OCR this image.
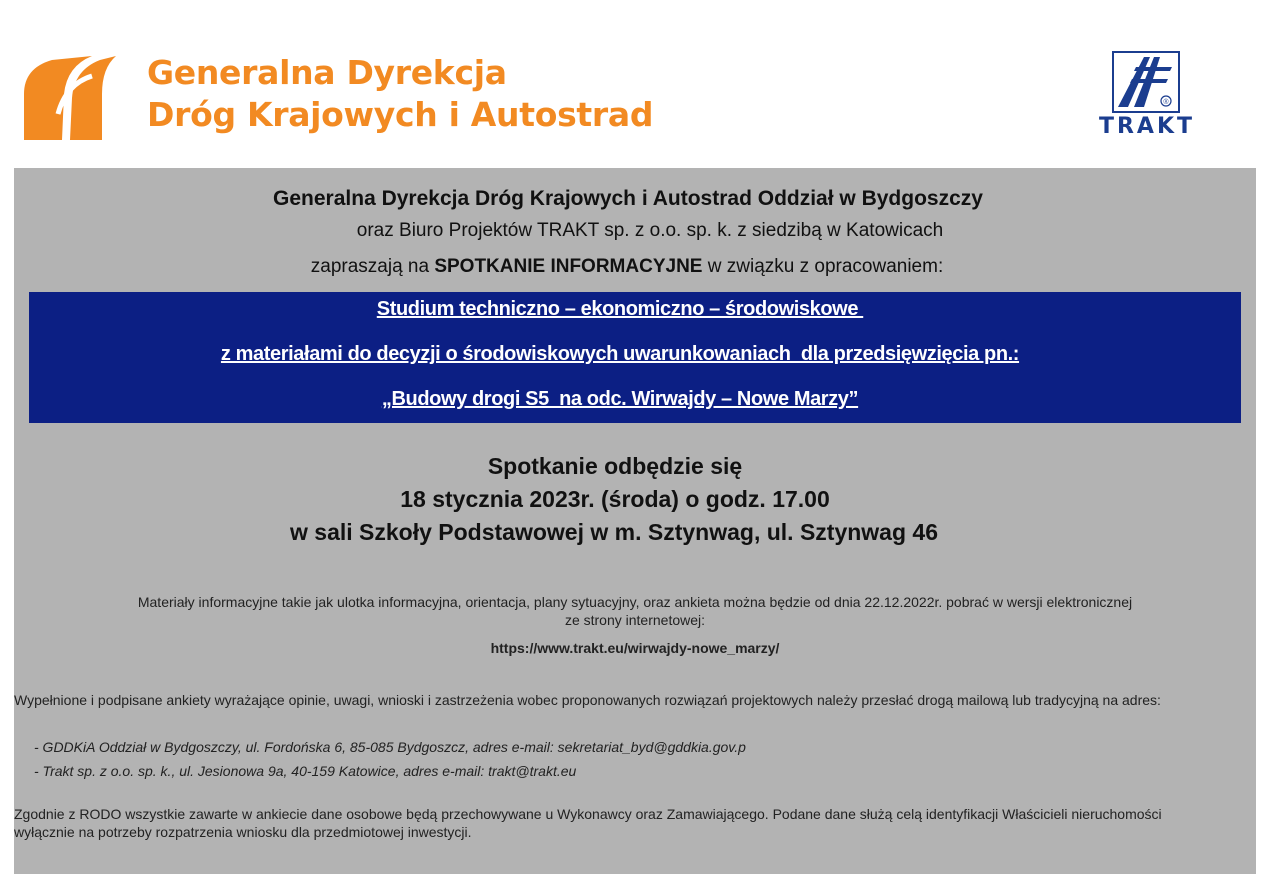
Generalna Dyrekcja
Dróg Krajowych i Autostrad	®
TRAKT
Generalna Dyrekcja Dróg Krajowych i Autostrad Oddział w Bydgoszczy
oraz Biuro Projektów TRAKT sp. z o.o. sp. k. z siedzibą w Katowicach
zapraszają na SPOTKANIE INFORMACYJNE w związku z opracowaniem:
Studium techniczno – ekonomiczno – środowiskowe
z materiałami do decyzji o środowiskowych uwarunkowaniach  dla przedsięwzięcia pn.:
„Budowy drogi S5  na odc. Wirwajdy – Nowe Marzy”
Spotkanie odbędzie się
18 stycznia 2023r. (środa) o godz. 17.00
w sali Szkoły Podstawowej w m. Sztynwag, ul. Sztynwag 46
Materiały informacyjne takie jak ulotka informacyjna, orientacja, plany sytuacyjny, oraz ankieta można będzie od dnia 22.12.2022r. pobrać w wersji elektronicznej
ze strony internetowej:
https://www.trakt.eu/wirwajdy-nowe_marzy/
Wypełnione i podpisane ankiety wyrażające opinie, uwagi, wnioski i zastrzeżenia wobec proponowanych rozwiązań projektowych należy przesłać drogą mailową lub tradycyjną na adres:
- GDDKiA Oddział w Bydgoszczy, ul. Fordońska 6, 85-085 Bydgoszcz, adres e-mail: sekretariat_byd@gddkia.gov.p
- Trakt sp. z o.o. sp. k., ul. Jesionowa 9a, 40-159 Katowice, adres e-mail: trakt@trakt.eu
Zgodnie z RODO wszystkie zawarte w ankiecie dane osobowe będą przechowywane u Wykonawcy oraz Zamawiającego. Podane dane służą celą identyfikacji Właścicieli nieruchomości
wyłącznie na potrzeby rozpatrzenia wniosku dla przedmiotowej inwestycji.
